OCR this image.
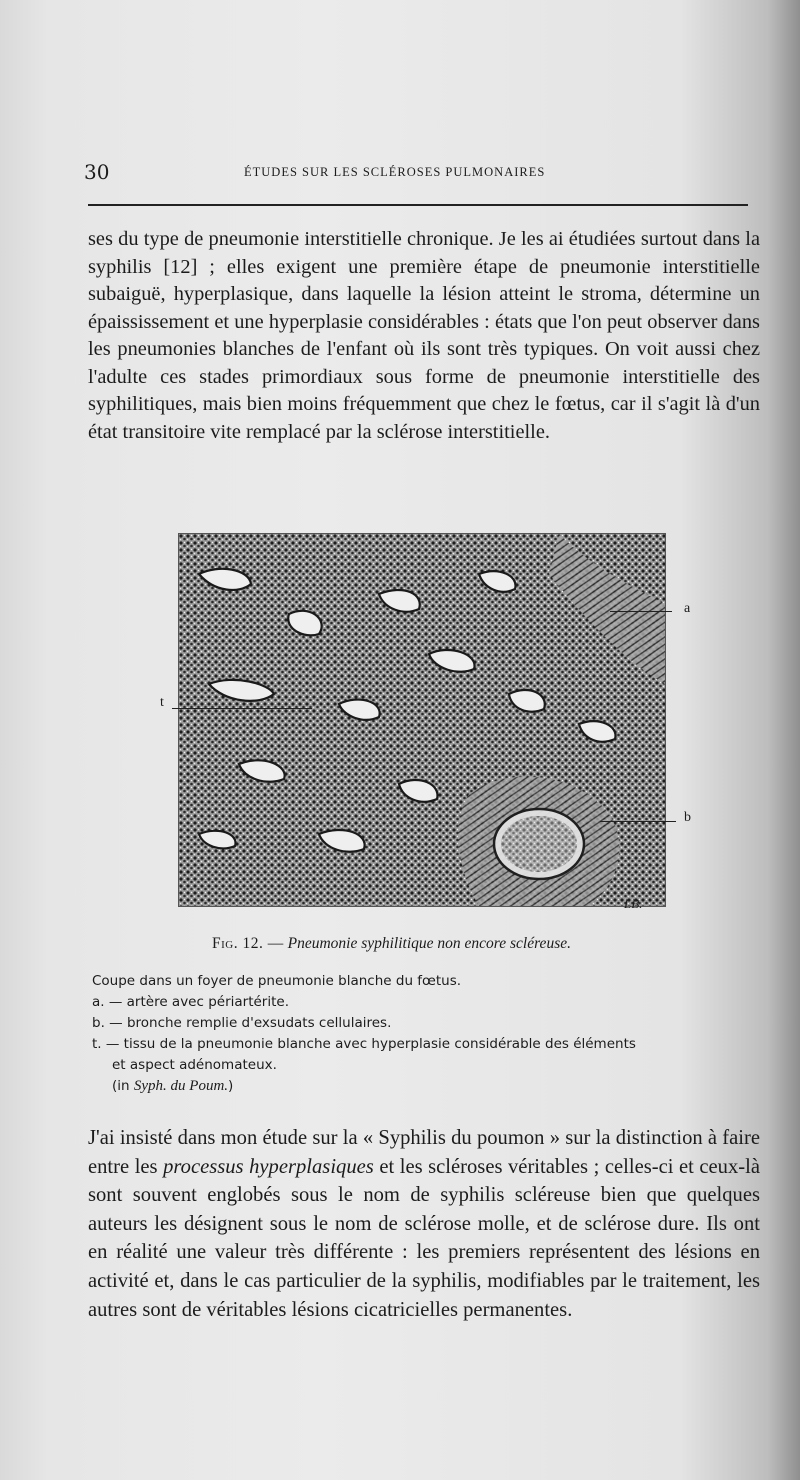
30	ÉTUDES SUR LES SCLÉROSES PULMONAIRES

ses du type de pneumonie interstitielle chronique. Je les ai étudiées surtout dans la syphilis [12] ; elles exigent une première étape de pneumonie interstitielle subaiguë, hyperplasique, dans laquelle la lésion atteint le stroma, détermine un épaississement et une hyperplasie considérables : états que l'on peut observer dans les pneumonies blanches de l'enfant où ils sont très typiques. On voit aussi chez l'adulte ces stades primordiaux sous forme de pneumonie interstitielle des syphilitiques, mais bien moins fréquemment que chez le fœtus, car il s'agit là d'un état transitoire vite remplacé par la sclérose interstitielle.

a
t
b
LB.
Fig. 12. — Pneumonie syphilitique non encore scléreuse.

Coupe dans un foyer de pneumonie blanche du fœtus.

a. — artère avec périartérite.

b. — bronche remplie d'exsudats cellulaires.

t. — tissu de la pneumonie blanche avec hyperplasie considérable des éléments

et aspect adénomateux.

(in Syph. du Poum.)

J'ai insisté dans mon étude sur la « Syphilis du poumon » sur la distinction à faire entre les processus hyperplasiques et les scléroses véritables ; celles-ci et ceux-là sont souvent englobés sous le nom de syphilis scléreuse bien que quelques auteurs les désignent sous le nom de sclérose molle, et de sclérose dure. Ils ont en réalité une valeur très différente : les premiers représentent des lésions en activité et, dans le cas particulier de la syphilis, modifiables par le traitement, les autres sont de véritables lésions cicatricielles permanentes.
